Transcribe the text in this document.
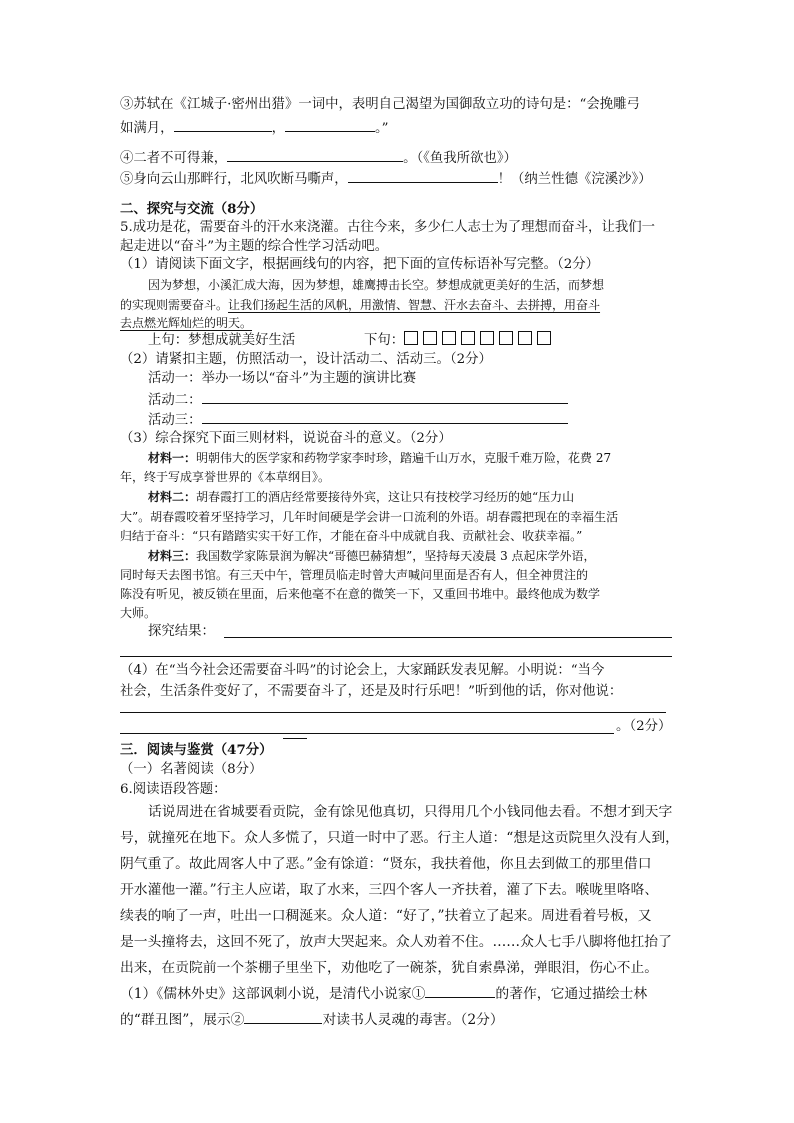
③苏轼在《江城子·密州出猎》一词中，表明自己渴望为国御敌立功的诗句是：“会挽雕弓
如满月，	，	。”
④二者不可得兼，	。（《鱼我所欲也》）
⑤身向云山那畔行，北风吹断马嘶声，	！（纳兰性德《浣溪沙》）
二、探究与交流（8分）
5.成功是花，需要奋斗的汗水来浇灌。古往今来，多少仁人志士为了理想而奋斗，让我们一
起走进以“奋斗”为主题的综合性学习活动吧。
（1）请阅读下面文字，根据画线句的内容，把下面的宣传标语补写完整。（2分）
因为梦想，小溪汇成大海，因为梦想，雄鹰搏击长空。梦想成就更美好的生活，而梦想
的实现则需要奋斗。让我们扬起生活的风帆，用激情、智慧、汗水去奋斗、去拼搏，用奋斗
去点燃光辉灿烂的明天。
上句：梦想成就美好生活	下句：
（2）请紧扣主题，仿照活动一，设计活动二、活动三。（2分）
活动一：举办一场以“奋斗”为主题的演讲比赛
活动二：
活动三：
（3）综合探究下面三则材料，说说奋斗的意义。（2分）
材料一：明朝伟大的医学家和药物学家李时珍，踏遍千山万水，克服千难万险，花费 27
年，终于写成享誉世界的《本草纲目》。
材料二：胡春霞打工的酒店经常要接待外宾，这让只有技校学习经历的她“压力山
大”。胡春霞咬着牙坚持学习，几年时间硬是学会讲一口流利的外语。胡春霞把现在的幸福生活
归结于奋斗：“只有踏踏实实干好工作，才能在奋斗中成就自我、贡献社会、收获幸福。”
材料三：我国数学家陈景润为解决“哥德巴赫猜想”，坚持每天凌晨 3 点起床学外语，
同时每天去图书馆。有三天中午，管理员临走时曾大声喊问里面是否有人，但全神贯注的
陈没有听见，被反锁在里面，后来他毫不在意的微笑一下，又重回书堆中。最终他成为数学
大师。
探究结果：
（4）在“当今社会还需要奋斗吗”的讨论会上，大家踊跃发表见解。小明说：“当今
社会，生活条件变好了，不需要奋斗了，还是及时行乐吧！”听到他的话，你对他说：
。（2分）
三．阅读与鉴赏（47分）
（一）名著阅读（8分）
6.阅读语段答题：
话说周进在省城要看贡院，金有馀见他真切，只得用几个小钱同他去看。不想才到天字
号，就撞死在地下。众人多慌了，只道一时中了恶。行主人道：“想是这贡院里久没有人到，
阴气重了。故此周客人中了恶。”金有馀道：“贤东，我扶着他，你且去到做工的那里借口
开水灌他一灌。”行主人应诺，取了水来，三四个客人一齐扶着，灌了下去。喉咙里咯咯、
续表的响了一声，吐出一口稠涎来。众人道：“好了，”扶着立了起来。周进看着号板，又
是一头撞将去，这回不死了，放声大哭起来。众人劝着不住。……众人七手八脚将他扛抬了
出来，在贡院前一个茶棚子里坐下，劝他吃了一碗茶，犹自索鼻涕，弹眼泪，伤心不止。
（1）《儒林外史》这部讽刺小说，是清代小说家①	的著作，它通过描绘士林
的“群丑图”，展示②	对读书人灵魂的毒害。（2分）
